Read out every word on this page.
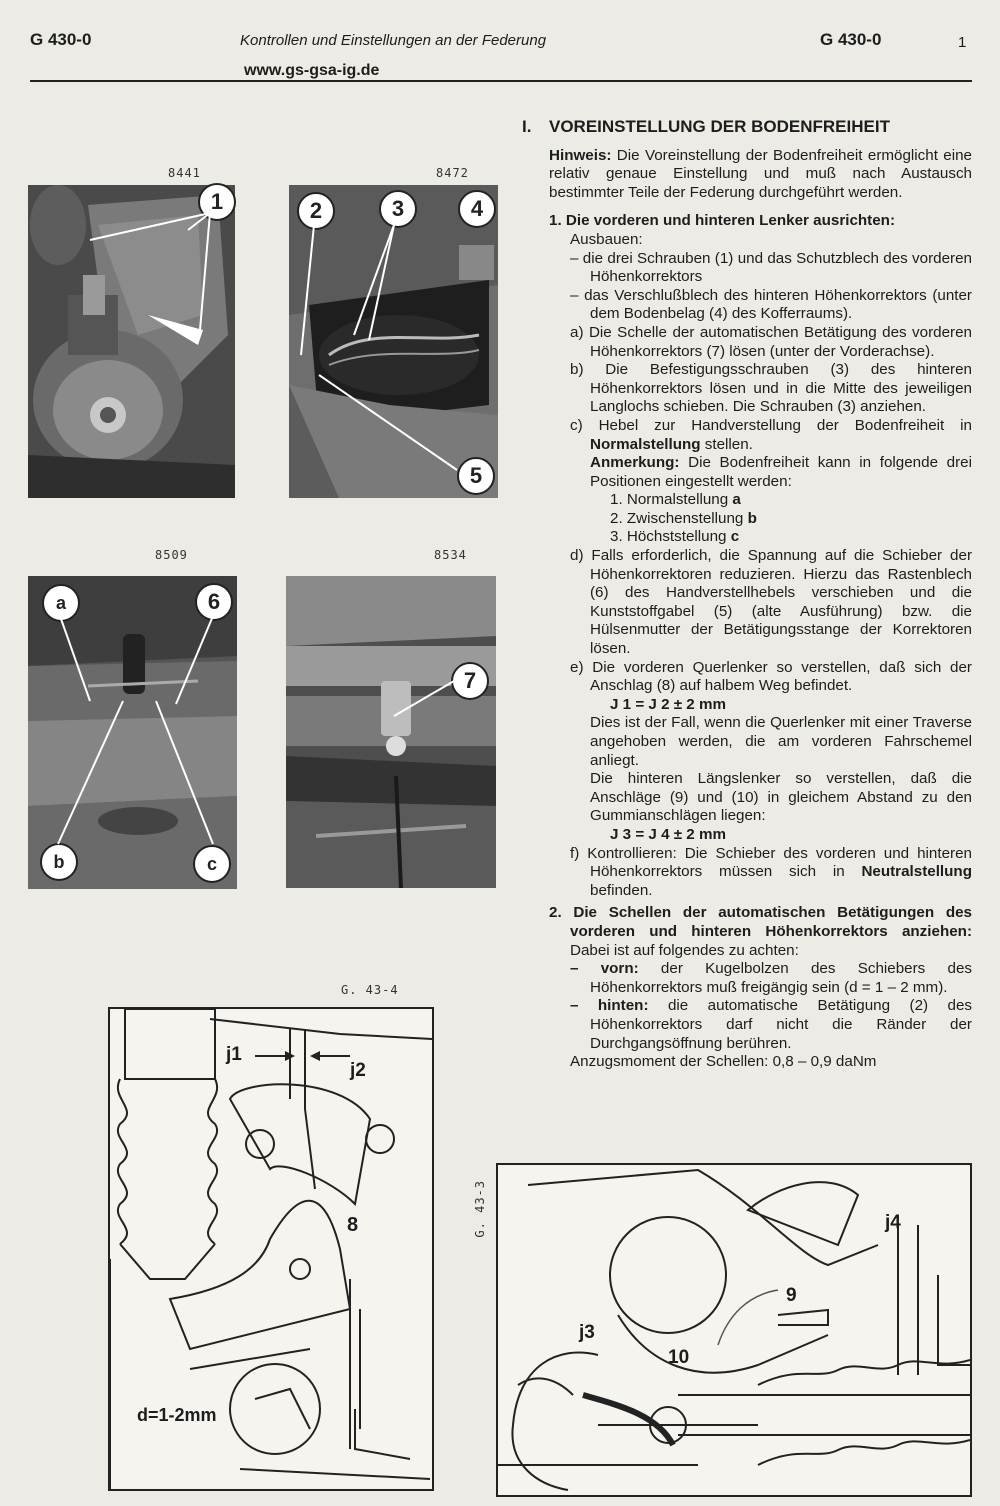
G 430-0	Kontrollen und Einstellungen an der Federung	G 430-0	1
www.gs-gsa-ig.de
8441
1
8472
2	3	4
5
8509
a	6
b	c
8534
7
G. 43-4
j1
j2
8
d=1-2mm
G. 43-3	j4
9
j3
10

I. VOREINSTELLUNG DER BODENFREIHEIT

Hinweis: Die Voreinstellung der Bodenfreiheit ermöglicht eine relativ genaue Einstellung und muß nach Austausch bestimmter Teile der Federung durchgeführt werden.

1. Die vorderen und hinteren Lenker ausrichten:

Ausbauen:

– die drei Schrauben (1) und das Schutzblech des vorderen Höhenkorrektors

– das Verschlußblech des hinteren Höhenkorrektors (unter dem Bodenbelag (4) des Kofferraums).

a) Die Schelle der automatischen Betätigung des vorderen Höhenkorrektors (7) lösen (unter der Vorderachse).

b) Die Befestigungsschrauben (3) des hinteren Höhenkorrektors lösen und in die Mitte des jeweiligen Langlochs schieben. Die Schrauben (3) anziehen.

c) Hebel zur Handverstellung der Bodenfreiheit in Normalstellung stellen.

Anmerkung: Die Bodenfreiheit kann in folgende drei Positionen eingestellt werden:

1. Normalstellung a

2. Zwischenstellung b

3. Höchststellung c

d) Falls erforderlich, die Spannung auf die Schieber der Höhenkorrektoren reduzieren. Hierzu das Rastenblech (6) des Handverstellhebels verschieben und die Kunststoffgabel (5) (alte Ausführung) bzw. die Hülsenmutter der Betätigungsstange der Korrektoren lösen.

e) Die vorderen Querlenker so verstellen, daß sich der Anschlag (8) auf halbem Weg befindet.

J 1 = J 2 ± 2 mm

Dies ist der Fall, wenn die Querlenker mit einer Traverse angehoben werden, die am vorderen Fahrschemel anliegt.

Die hinteren Längslenker so verstellen, daß die Anschläge (9) und (10) in gleichem Abstand zu den Gummianschlägen liegen:

J 3 = J 4 ± 2 mm

f) Kontrollieren: Die Schieber des vorderen und hinteren Höhenkorrektors müssen sich in Neutralstellung befinden.

2. Die Schellen der automatischen Betätigungen des vorderen und hinteren Höhenkorrektors anziehen: Dabei ist auf folgendes zu achten:

– vorn: der Kugelbolzen des Schiebers des Höhenkorrektors muß freigängig sein (d = 1 – 2 mm).

– hinten: die automatische Betätigung (2) des Höhenkorrektors darf nicht die Ränder der Durchgangsöffnung berühren.

Anzugsmoment der Schellen: 0,8 – 0,9 daNm
